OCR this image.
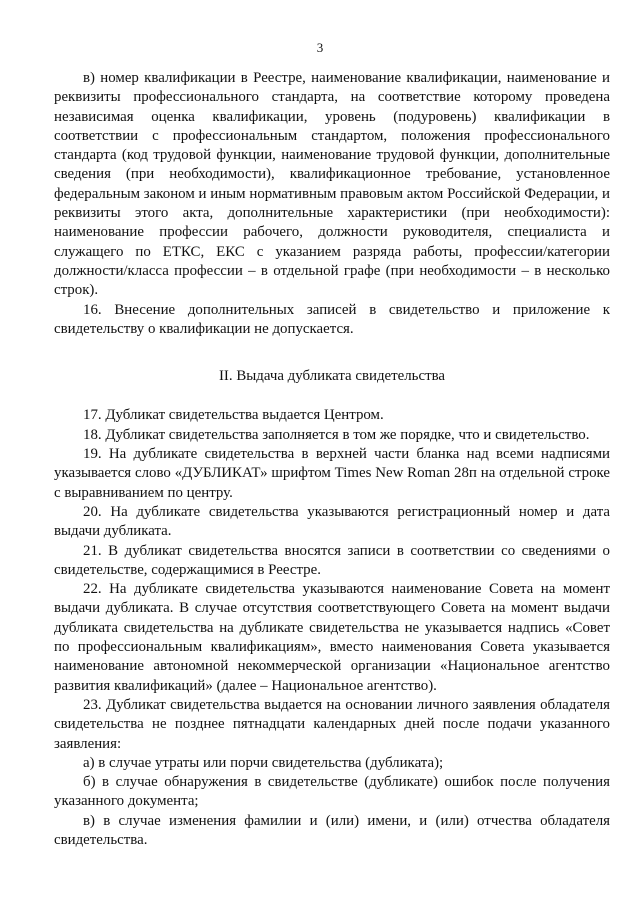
3

в) номер квалификации в Реестре, наименование квалификации, наименование и реквизиты профессионального стандарта, на соответствие которому проведена независимая оценка квалификации, уровень (подуровень) квалификации в соответствии с профессиональным стандартом, положения профессионального стандарта (код трудовой функции, наименование трудовой функции, дополнительные сведения (при необходимости), квалификационное требование, установленное федеральным законом и иным нормативным правовым актом Российской Федерации, и реквизиты этого акта, дополнительные характеристики (при необходимости): наименование профессии рабочего, должности руководителя, специалиста и служащего по ЕТКС, ЕКС с указанием разряда работы, профессии/категории должности/класса профессии – в отдельной графе (при необходимости – в несколько строк).

16. Внесение дополнительных записей в свидетельство и приложение к свидетельству о квалификации не допускается.

II. Выдача дубликата свидетельства

17. Дубликат свидетельства выдается Центром.

18. Дубликат свидетельства заполняется в том же порядке, что и свидетельство.

19. На дубликате свидетельства в верхней части бланка над всеми надписями указывается слово «ДУБЛИКАТ» шрифтом Times New Roman 28п на отдельной строке с выравниванием по центру.

20. На дубликате свидетельства указываются регистрационный номер и дата выдачи дубликата.

21. В дубликат свидетельства вносятся записи в соответствии со сведениями о свидетельстве, содержащимися в Реестре.

22. На дубликате свидетельства указываются наименование Совета на момент выдачи дубликата. В случае отсутствия соответствующего Совета на момент выдачи дубликата свидетельства на дубликате свидетельства не указывается надпись «Совет по профессиональным квалификациям», вместо наименования Совета указывается наименование автономной некоммерческой организации «Национальное агентство развития квалификаций» (далее – Национальное агентство).

23. Дубликат свидетельства выдается на основании личного заявления обладателя свидетельства не позднее пятнадцати календарных дней после подачи указанного заявления:

а) в случае утраты или порчи свидетельства (дубликата);

б) в случае обнаружения в свидетельстве (дубликате) ошибок после получения указанного документа;

в) в случае изменения фамилии и (или) имени, и (или) отчества обладателя свидетельства.
